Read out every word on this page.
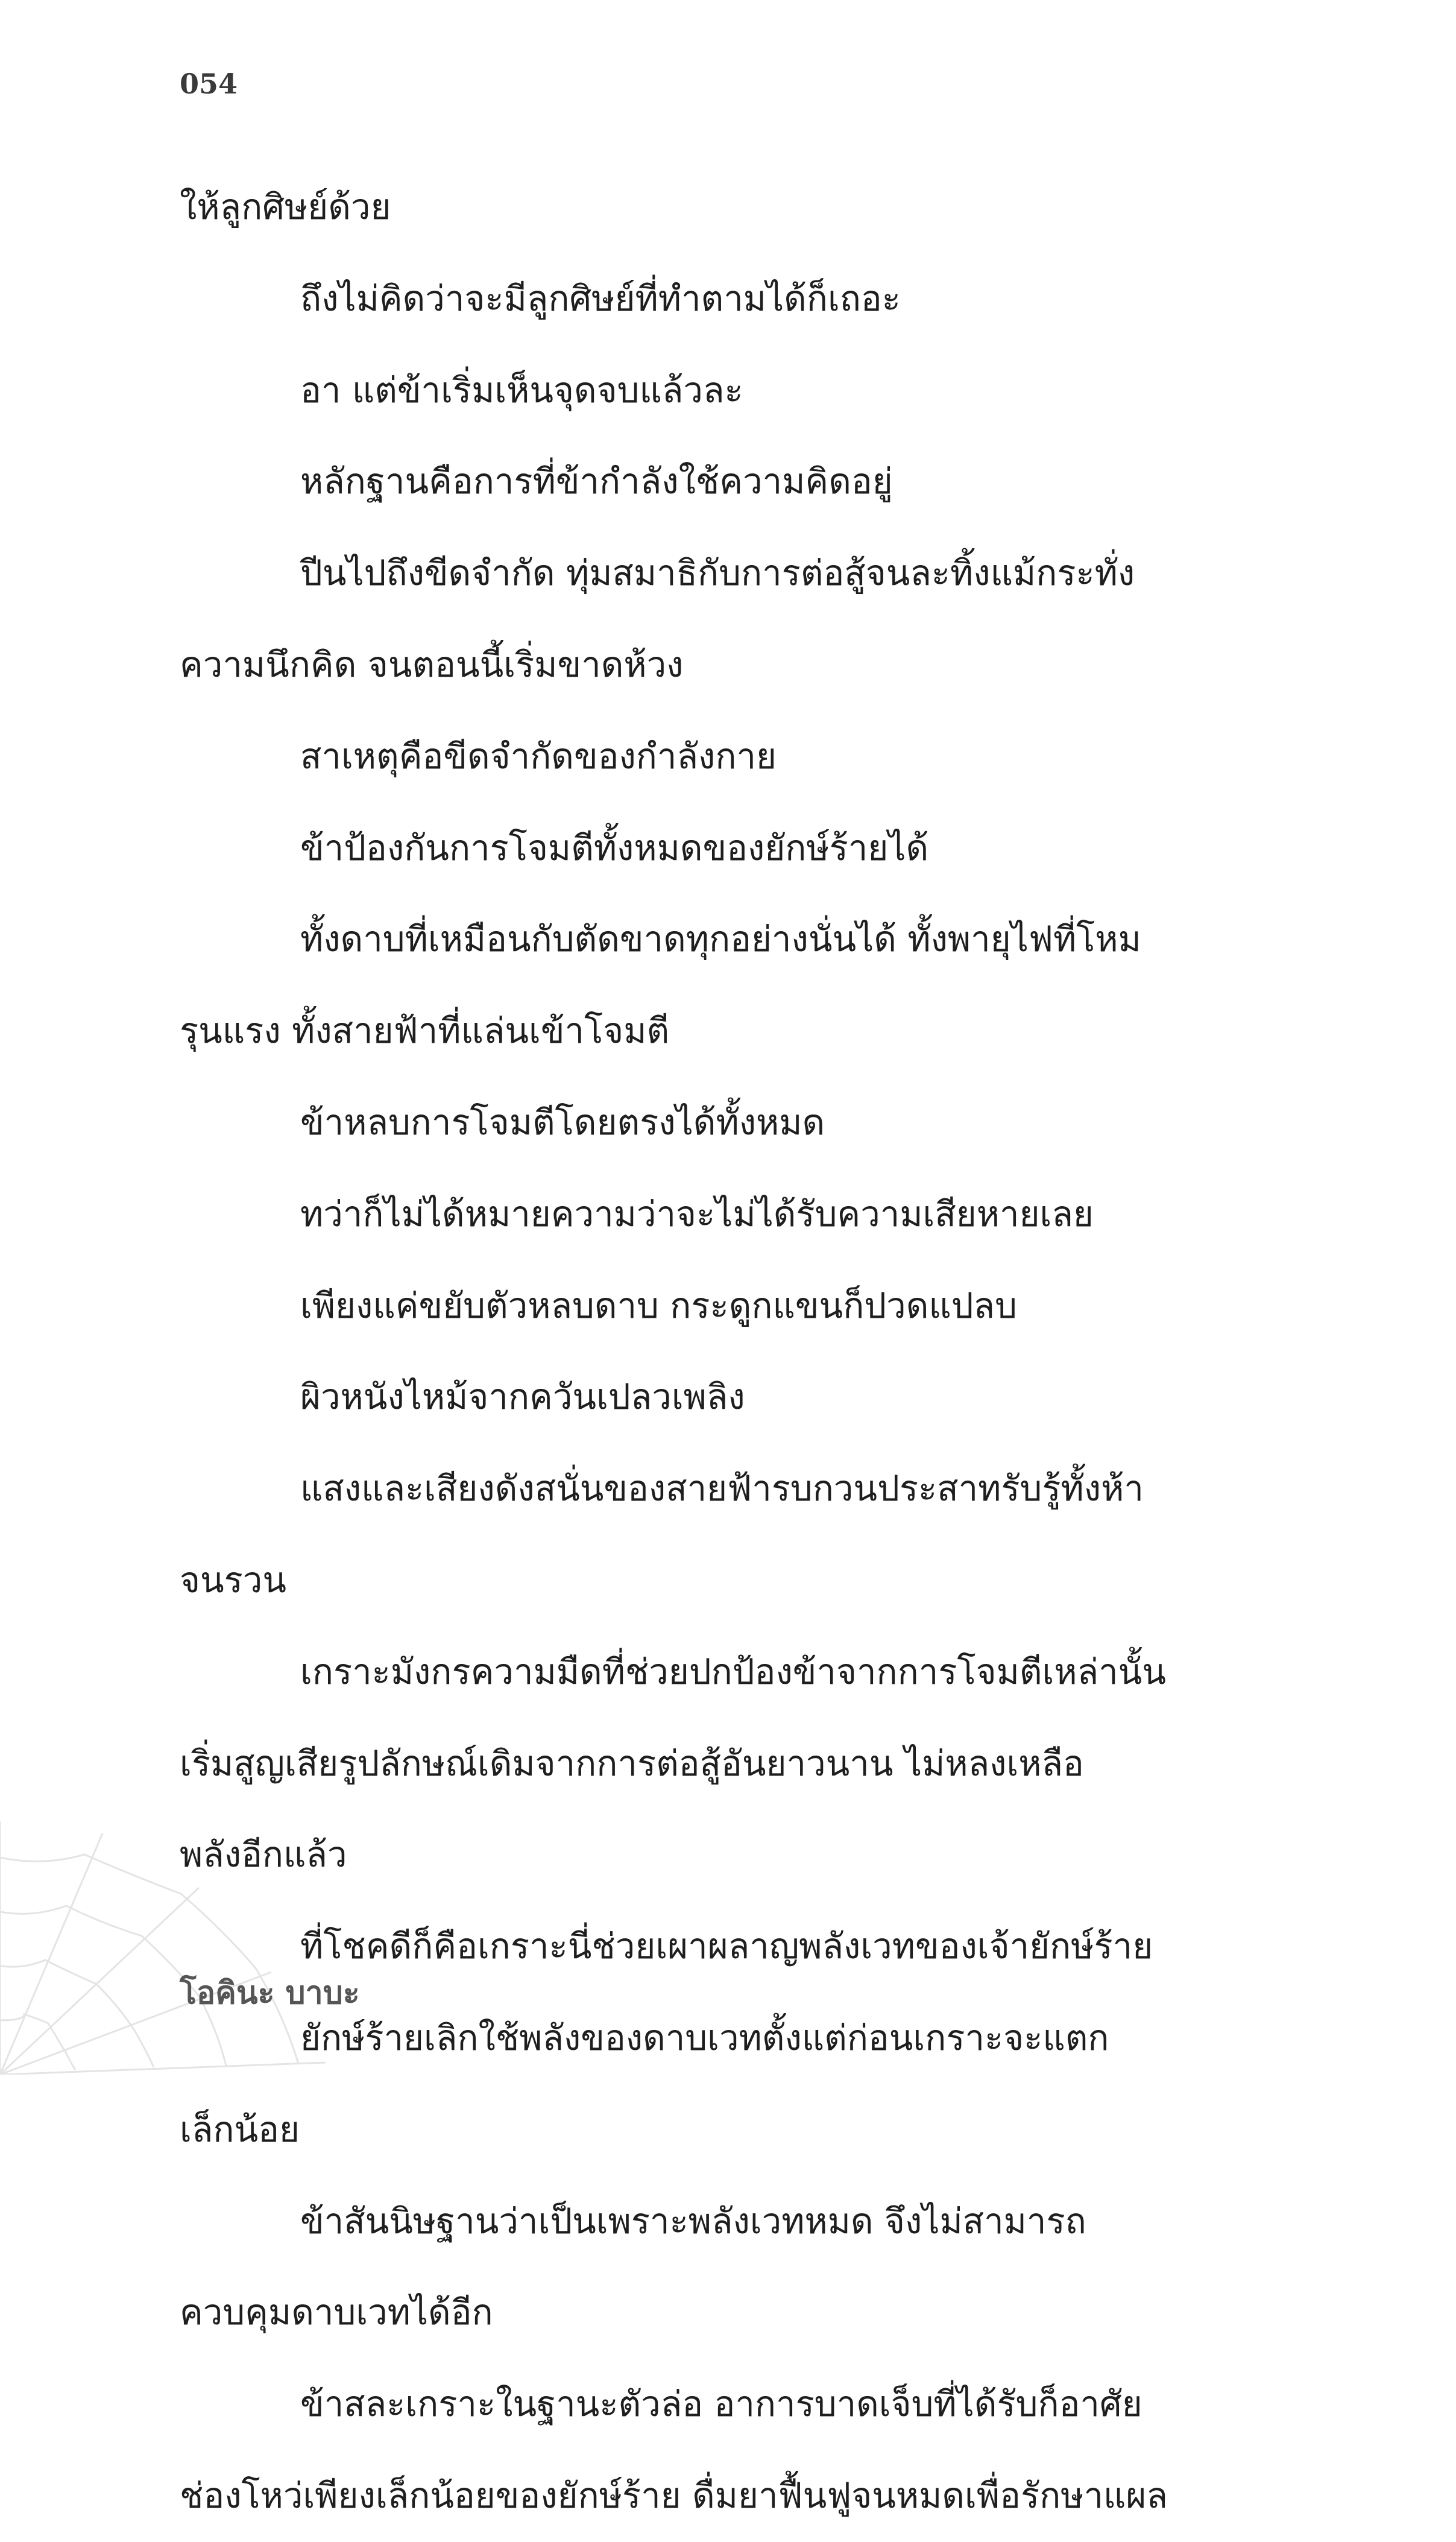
054
ให้ลูกศิษย์ด้วย
ถึงไม่คิดว่าจะมีลูกศิษย์ที่ทำตามได้ก็เถอะ
อา แต่ข้าเริ่มเห็นจุดจบแล้วละ
หลักฐานคือการที่ข้ากำลังใช้ความคิดอยู่
ปีนไปถึงขีดจำกัด ทุ่มสมาธิกับการต่อสู้จนละทิ้งแม้กระทั่ง
ความนึกคิด จนตอนนี้เริ่มขาดห้วง
สาเหตุคือขีดจำกัดของกำลังกาย
ข้าป้องกันการโจมตีทั้งหมดของยักษ์ร้ายได้
ทั้งดาบที่เหมือนกับตัดขาดทุกอย่างนั่นได้ ทั้งพายุไฟที่โหม
รุนแรง ทั้งสายฟ้าที่แล่นเข้าโจมตี
ข้าหลบการโจมตีโดยตรงได้ทั้งหมด
ทว่าก็ไม่ได้หมายความว่าจะไม่ได้รับความเสียหายเลย
เพียงแค่ขยับตัวหลบดาบ กระดูกแขนก็ปวดแปลบ
ผิวหนังไหม้จากควันเปลวเพลิง
แสงและเสียงดังสนั่นของสายฟ้ารบกวนประสาทรับรู้ทั้งห้า
จนรวน
เกราะมังกรความมืดที่ช่วยปกป้องข้าจากการโจมตีเหล่านั้น
เริ่มสูญเสียรูปลักษณ์เดิมจากการต่อสู้อันยาวนาน ไม่หลงเหลือ
พลังอีกแล้ว
ที่โชคดีก็คือเกราะนี่ช่วยเผาผลาญพลังเวทของเจ้ายักษ์ร้าย
ยักษ์ร้ายเลิกใช้พลังของดาบเวทตั้งแต่ก่อนเกราะจะแตก
เล็กน้อย
ข้าสันนิษฐานว่าเป็นเพราะพลังเวทหมด จึงไม่สามารถ
ควบคุมดาบเวทได้อีก
ข้าสละเกราะในฐานะตัวล่อ อาการบาดเจ็บที่ได้รับก็อาศัย
ช่องโหว่เพียงเล็กน้อยของยักษ์ร้าย ดื่มยาฟื้นฟูจนหมดเพื่อรักษาแผล
โอคินะ บาบะ
